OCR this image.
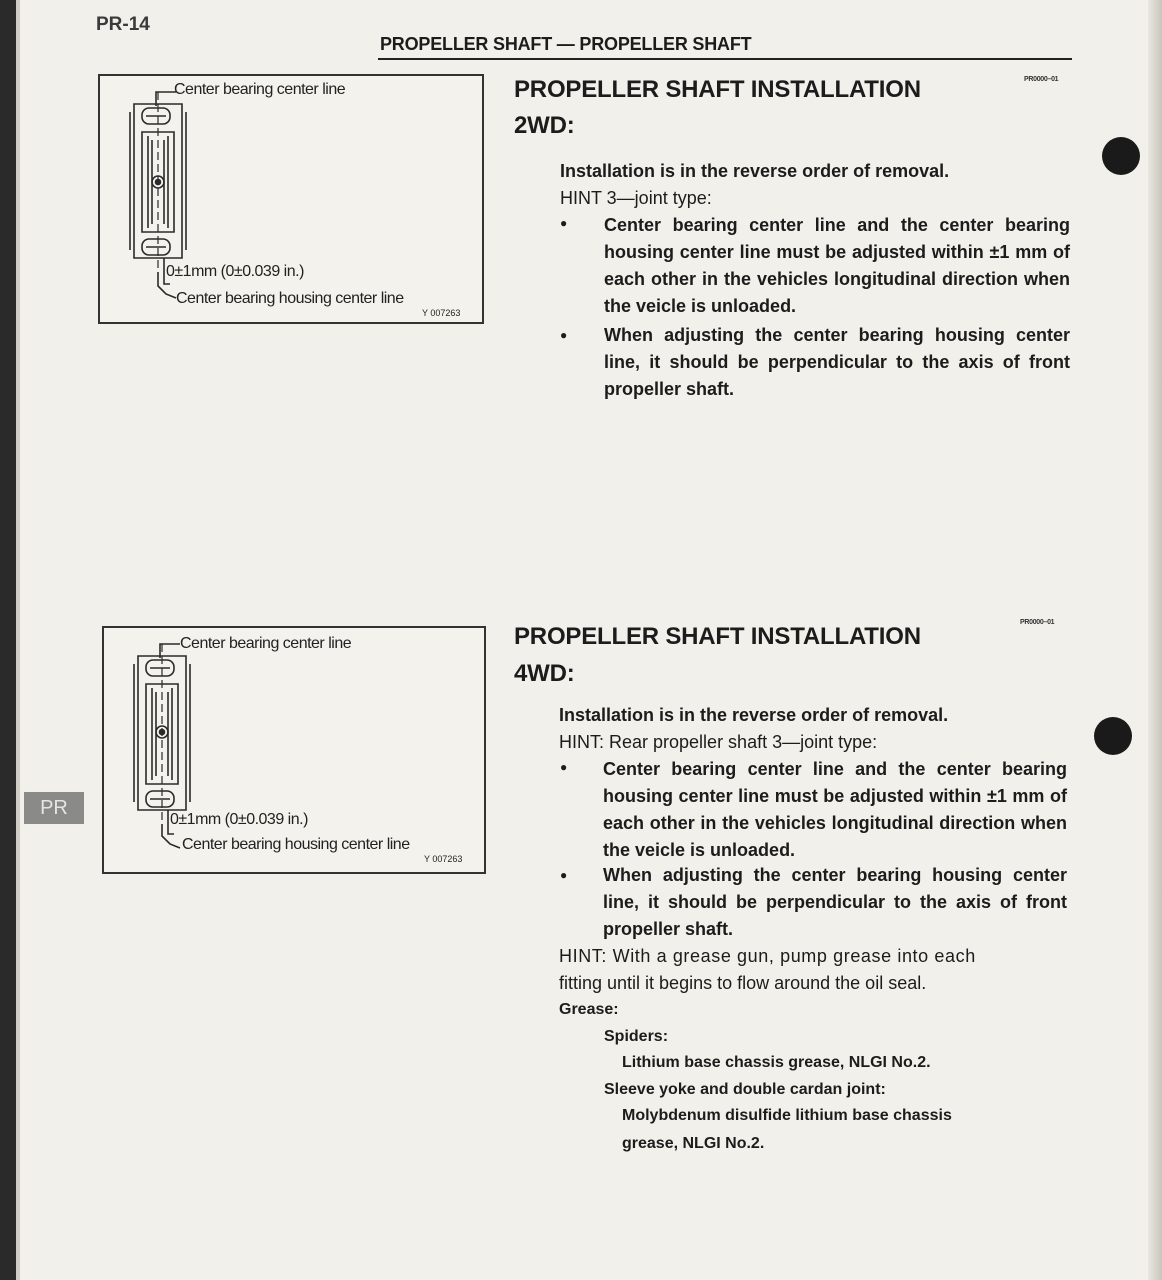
PR-14
PROPELLER SHAFT — PROPELLER SHAFT
Center bearing center line
0±1mm (0±0.039 in.)
Center bearing housing center line
Y 007263
PR0000–01
PROPELLER SHAFT INSTALLATION
2WD:
Installation is in the reverse order of removal.
HINT 3—joint type:
● Center bearing center line and the center bearing housing center line must be adjusted within ±1 mm of each other in the vehicles longitudinal direction when the veicle is unloaded.
● When adjusting the center bearing housing center line, it should be perpendicular to the axis of front propeller shaft.
Center bearing center line
0±1mm (0±0.039 in.)
Center bearing housing center line
Y 007263
PR
PR0000–01
PROPELLER SHAFT INSTALLATION
4WD:
Installation is in the reverse order of removal.
HINT: Rear propeller shaft 3—joint type:
● Center bearing center line and the center bearing housing center line must be adjusted within ±1 mm of each other in the vehicles longitudinal direction when the veicle is unloaded.
● When adjusting the center bearing housing center line, it should be perpendicular to the axis of front propeller shaft.
HINT: With a grease gun, pump grease into each
fitting until it begins to flow around the oil seal.
Grease:
Spiders:
Lithium base chassis grease, NLGI No.2.
Sleeve yoke and double cardan joint:
Molybdenum disulfide lithium base chassis
grease, NLGI No.2.
